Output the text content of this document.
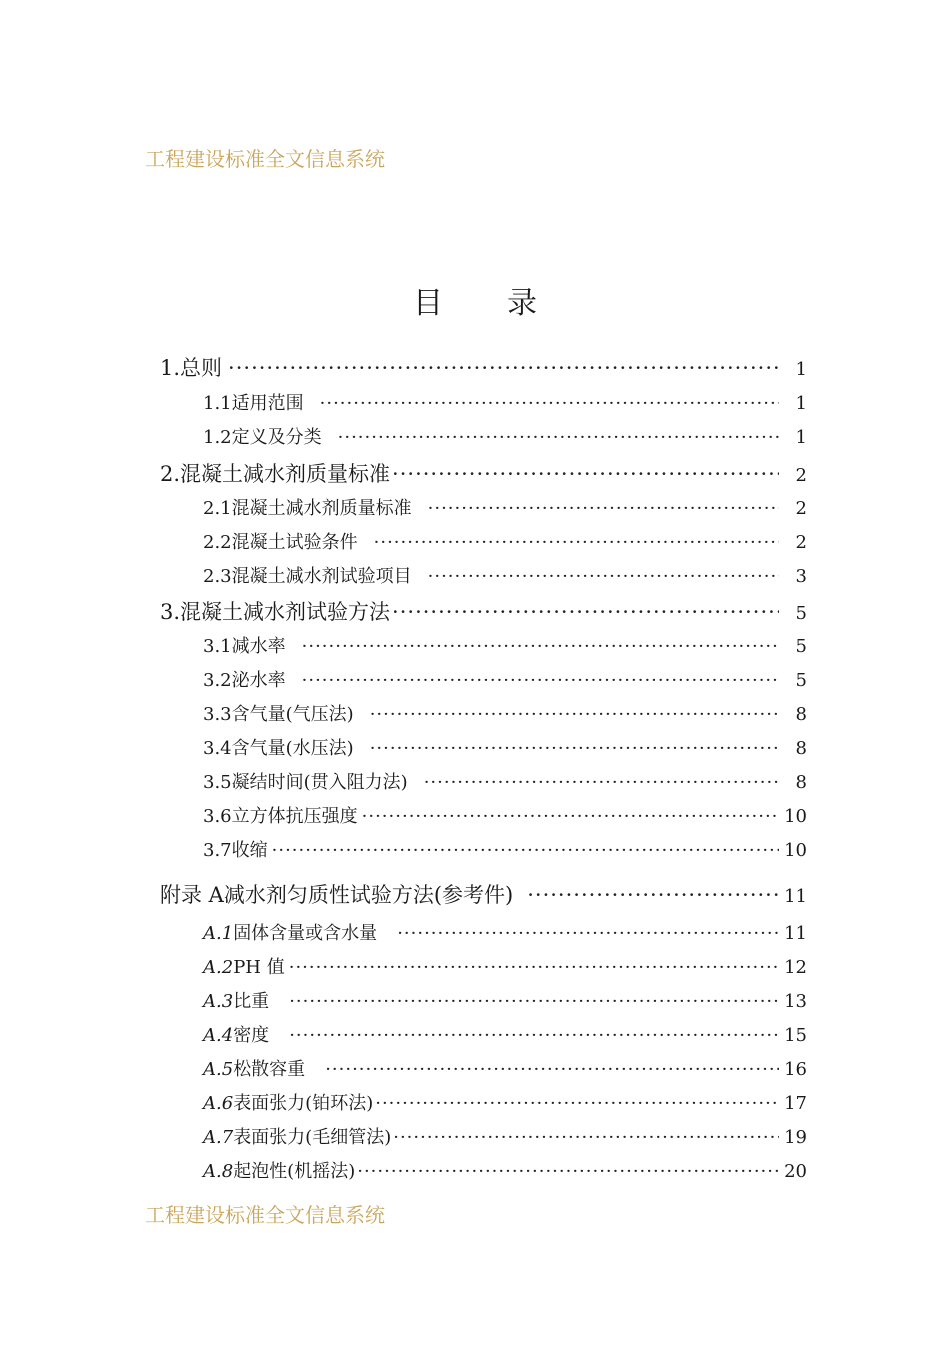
工程建设标准全文信息系统
目 录
1. 总则 ·····	1
1.1 适用范围 ·····	1
1.2 定义及分类 ·····	1
2. 混凝土减水剂质量标准 ·····	2
2.1 混凝土减水剂质量标准 ·····	2
2.2 混凝土试验条件 ·····	2
2.3 混凝土减水剂试验项目 ·····	3
3. 混凝土减水剂试验方法 ·····	5
3.1 减水率 ·····	5
3.2 泌水率 ·····	5
3.3 含气量(气压法) ·····	8
3.4 含气量(水压法) ·····	8
3.5 凝结时间(贯入阻力法) ·····	8
3.6 立方体抗压强度 ·····	10
3.7 收缩 ·····	10
附录 A 减水剂匀质性试验方法(参考件) ·····	11
A.1 固体含量或含水量 ·····	11
A.2 PH 值 ·····	12
A.3 比重 ·····	13
A.4 密度 ·····	15
A.5 松散容重 ·····	16
A.6 表面张力(铂环法) ·····	17
A.7 表面张力(毛细管法) ·····	19
A.8 起泡性(机摇法) ·····	20
工程建设标准全文信息系统
